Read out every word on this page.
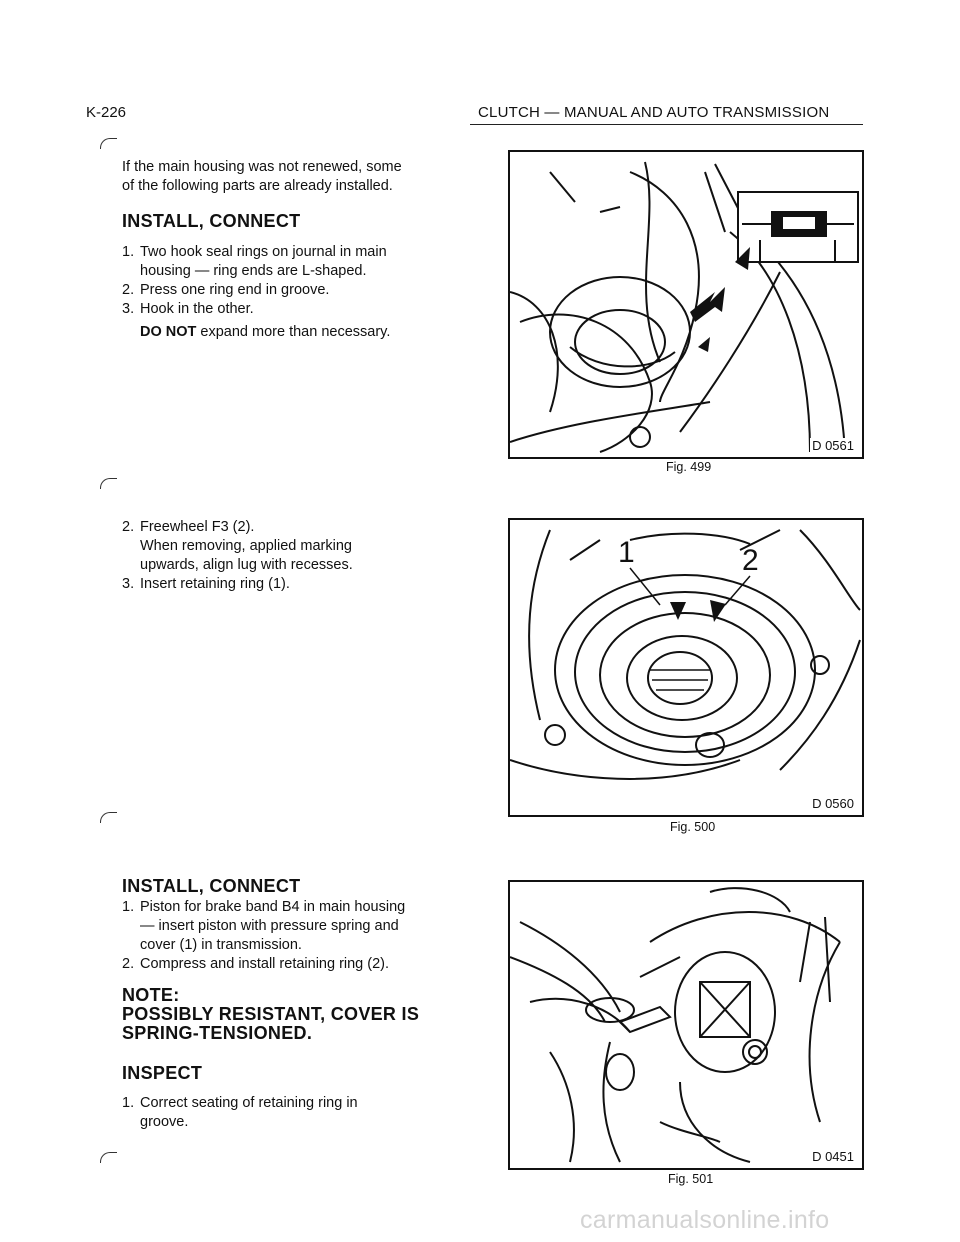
K-226	CLUTCH — MANUAL AND AUTO TRANSMISSION
If the main housing was not renewed, some
of the following parts are already installed.
INSTALL, CONNECT
1. Two hook seal rings on journal in main
housing — ring ends are L-shaped.
2. Press one ring end in groove.
3. Hook in the other.
DO NOT expand more than necessary.
2. Freewheel F3 (2).
When removing, applied marking
upwards, align lug with recesses.
3. Insert retaining ring (1).
INSTALL, CONNECT
1. Piston for brake band B4 in main housing
— insert piston with pressure spring and
cover (1) in transmission.
2. Compress and install retaining ring (2).
NOTE:
POSSIBLY RESISTANT, COVER IS
SPRING-TENSIONED.
INSPECT
1. Correct seating of retaining ring in
groove.
D 0561
Fig. 499
1	2
D 0560
Fig. 500
D 0451
Fig. 501
carmanualsonline.info
